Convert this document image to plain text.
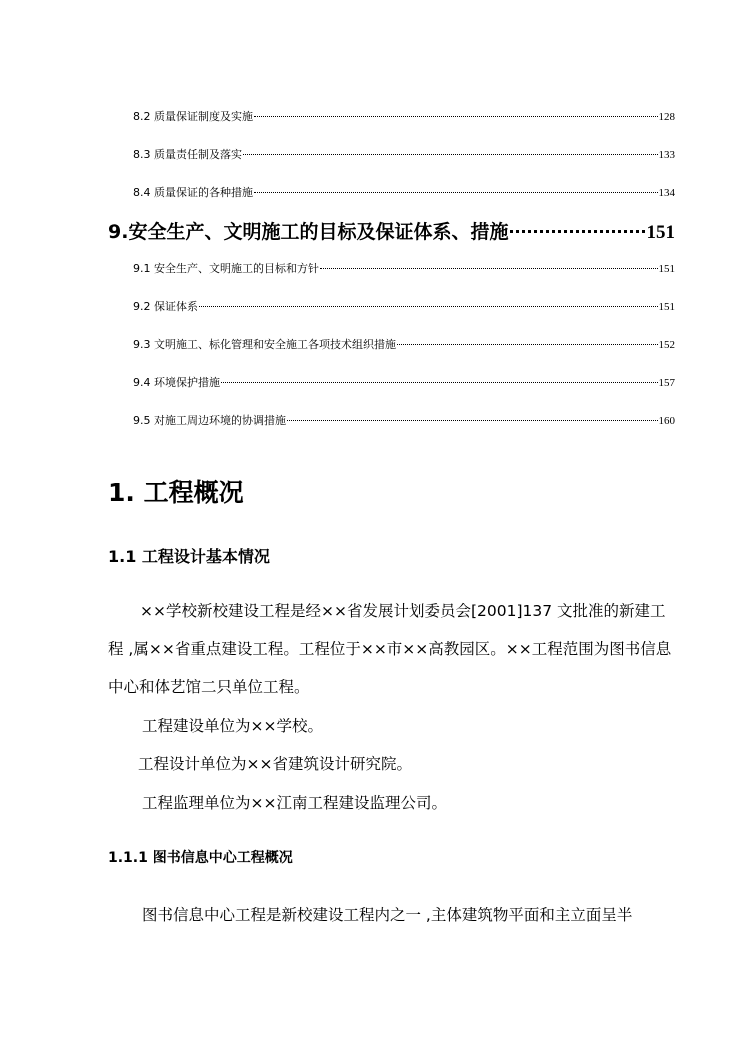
8.2 质量保证制度及实施	128
8.3 质量责任制及落实	133
8.4 质量保证的各种措施	134
9.安全生产、文明施工的目标及保证体系、措施	151
9.1 安全生产、文明施工的目标和方针	151
9.2 保证体系	151
9.3 文明施工、标化管理和安全施工各项技术组织措施	152
9.4 环境保护措施	157
9.5 对施工周边环境的协调措施	160
1. 工程概况
1.1 工程设计基本情况
××学校新校建设工程是经××省发展计划委员会[2001]137 文批准的新建工
程 ,属××省重点建设工程。工程位于××市××高教园区。××工程范围为图书信息
中心和体艺馆二只单位工程。
工程建设单位为××学校。
工程设计单位为××省建筑设计研究院。
工程监理单位为××江南工程建设监理公司。
1.1.1 图书信息中心工程概况
图书信息中心工程是新校建设工程内之一 ,主体建筑物平面和主立面呈半
